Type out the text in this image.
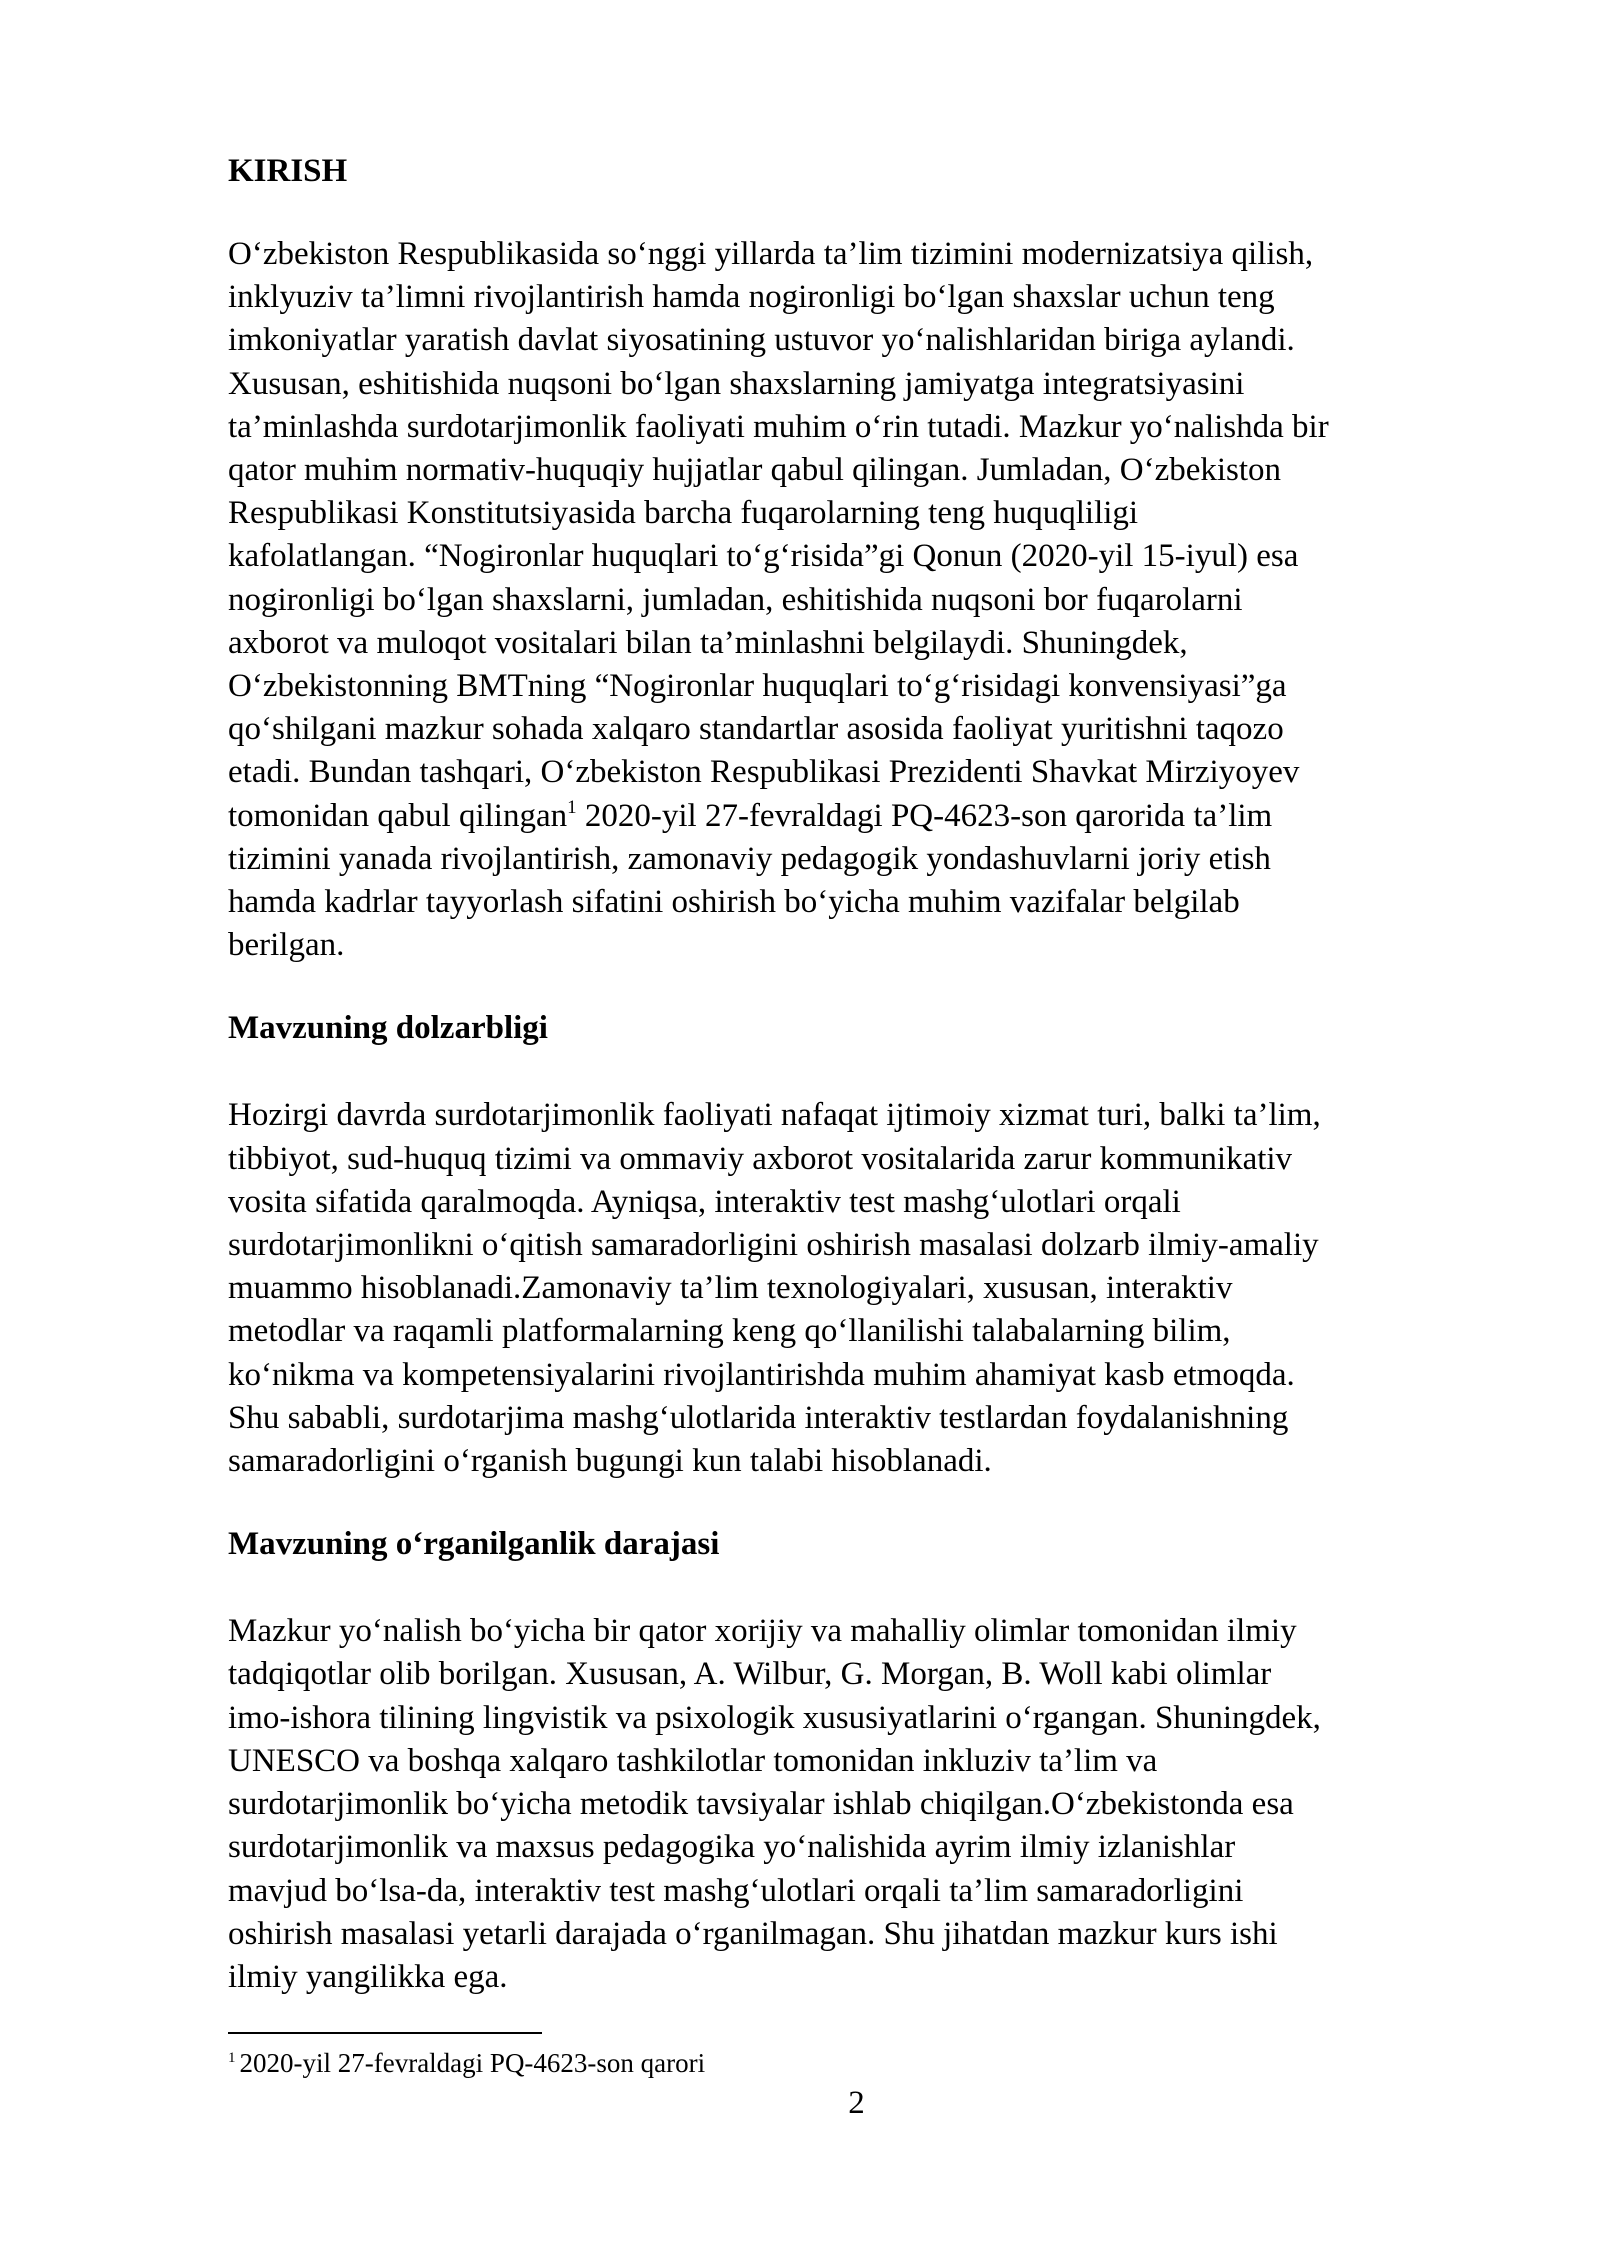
KIRISH

O‘zbekiston Respublikasida so‘nggi yillarda ta’lim tizimini modernizatsiya qilish,
inklyuziv ta’limni rivojlantirish hamda nogironligi bo‘lgan shaxslar uchun teng
imkoniyatlar yaratish davlat siyosatining ustuvor yo‘nalishlaridan biriga aylandi.
Xususan, eshitishida nuqsoni bo‘lgan shaxslarning jamiyatga integratsiyasini
ta’minlashda surdotarjimonlik faoliyati muhim o‘rin tutadi. Mazkur yo‘nalishda bir
qator muhim normativ-huquqiy hujjatlar qabul qilingan. Jumladan, O‘zbekiston
Respublikasi Konstitutsiyasida barcha fuqarolarning teng huquqliligi
kafolatlangan. “Nogironlar huquqlari to‘g‘risida”gi Qonun (2020-yil 15-iyul) esa
nogironligi bo‘lgan shaxslarni, jumladan, eshitishida nuqsoni bor fuqarolarni
axborot va muloqot vositalari bilan ta’minlashni belgilaydi. Shuningdek,
O‘zbekistonning BMTning “Nogironlar huquqlari to‘g‘risidagi konvensiyasi”ga
qo‘shilgani mazkur sohada xalqaro standartlar asosida faoliyat yuritishni taqozo
etadi. Bundan tashqari, O‘zbekiston Respublikasi Prezidenti Shavkat Mirziyoyev
tomonidan qabul qilingan$^1$ 2020-yil 27-fevraldagi PQ-4623-son qarorida ta’lim
tizimini yanada rivojlantirish, zamonaviy pedagogik yondashuvlarni joriy etish
hamda kadrlar tayyorlash sifatini oshirish bo‘yicha muhim vazifalar belgilab
berilgan.

Mavzuning dolzarbligi

Hozirgi davrda surdotarjimonlik faoliyati nafaqat ijtimoiy xizmat turi, balki ta’lim,
tibbiyot, sud-huquq tizimi va ommaviy axborot vositalarida zarur kommunikativ
vosita sifatida qaralmoqda. Ayniqsa, interaktiv test mashg‘ulotlari orqali
surdotarjimonlikni o‘qitish samaradorligini oshirish masalasi dolzarb ilmiy-amaliy
muammo hisoblanadi.Zamonaviy ta’lim texnologiyalari, xususan, interaktiv
metodlar va raqamli platformalarning keng qo‘llanilishi talabalarning bilim,
ko‘nikma va kompetensiyalarini rivojlantirishda muhim ahamiyat kasb etmoqda.
Shu sababli, surdotarjima mashg‘ulotlarida interaktiv testlardan foydalanishning
samaradorligini o‘rganish bugungi kun talabi hisoblanadi.

Mavzuning o‘rganilganlik darajasi

Mazkur yo‘nalish bo‘yicha bir qator xorijiy va mahalliy olimlar tomonidan ilmiy
tadqiqotlar olib borilgan. Xususan, A. Wilbur, G. Morgan, B. Woll kabi olimlar
imo-ishora tilining lingvistik va psixologik xususiyatlarini o‘rgangan. Shuningdek,
UNESCO va boshqa xalqaro tashkilotlar tomonidan inkluziv ta’lim va
surdotarjimonlik bo‘yicha metodik tavsiyalar ishlab chiqilgan.O‘zbekistonda esa
surdotarjimonlik va maxsus pedagogika yo‘nalishida ayrim ilmiy izlanishlar
mavjud bo‘lsa-da, interaktiv test mashg‘ulotlari orqali ta’lim samaradorligini
oshirish masalasi yetarli darajada o‘rganilmagan. Shu jihatdan mazkur kurs ishi
ilmiy yangilikka ega.

$^1$ 2020-yil 27-fevraldagi PQ-4623-son qarori
2
